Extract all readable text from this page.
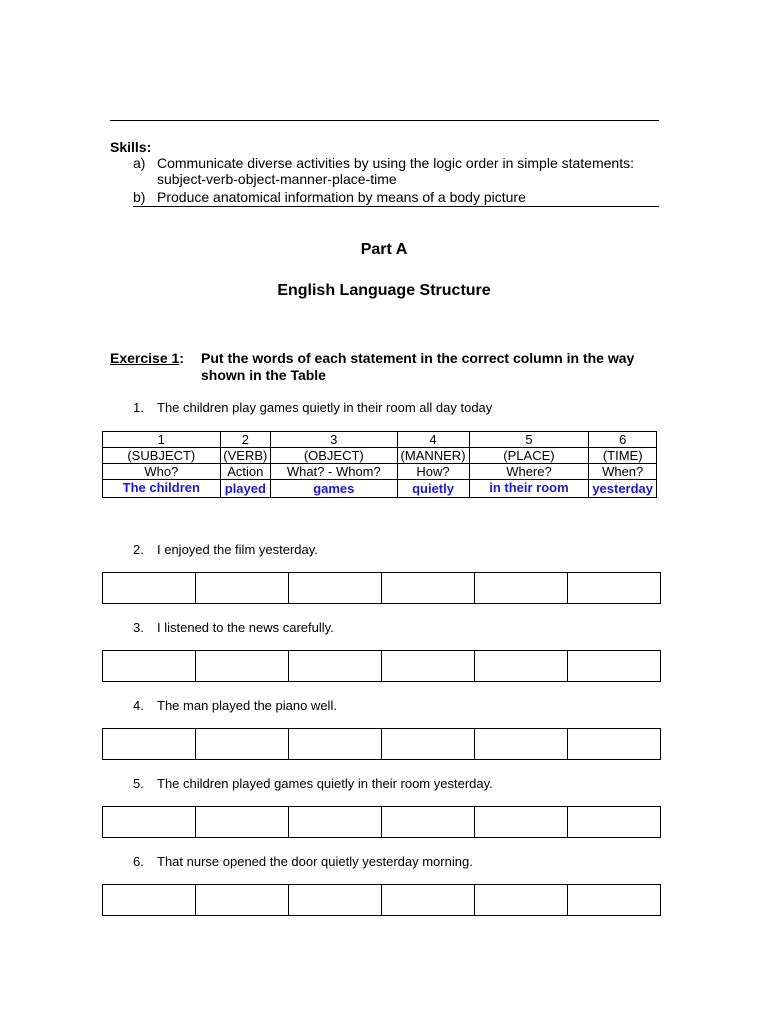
Skills:
a) Communicate diverse activities by using the logic order in simple statements: subject-verb-object-manner-place-time
b) Produce anatomical information by means of a body picture
Part A
English Language Structure
Exercise 1: Put the words of each statement in the correct column in the way shown in the Table
1. The children play games quietly in their room all day today
1	2	3	4	5	6
(SUBJECT)	(VERB)	(OBJECT)	(MANNER)	(PLACE)	(TIME)
Who?	Action	What? - Whom?	How?	Where?	When?
The children	played	games	quietly	in their room	yesterday
2. I enjoyed the film yesterday.

3. I listened to the news carefully.

4. The man played the piano well.

5. The children played games quietly in their room yesterday.

6. That nurse opened the door quietly yesterday morning.
